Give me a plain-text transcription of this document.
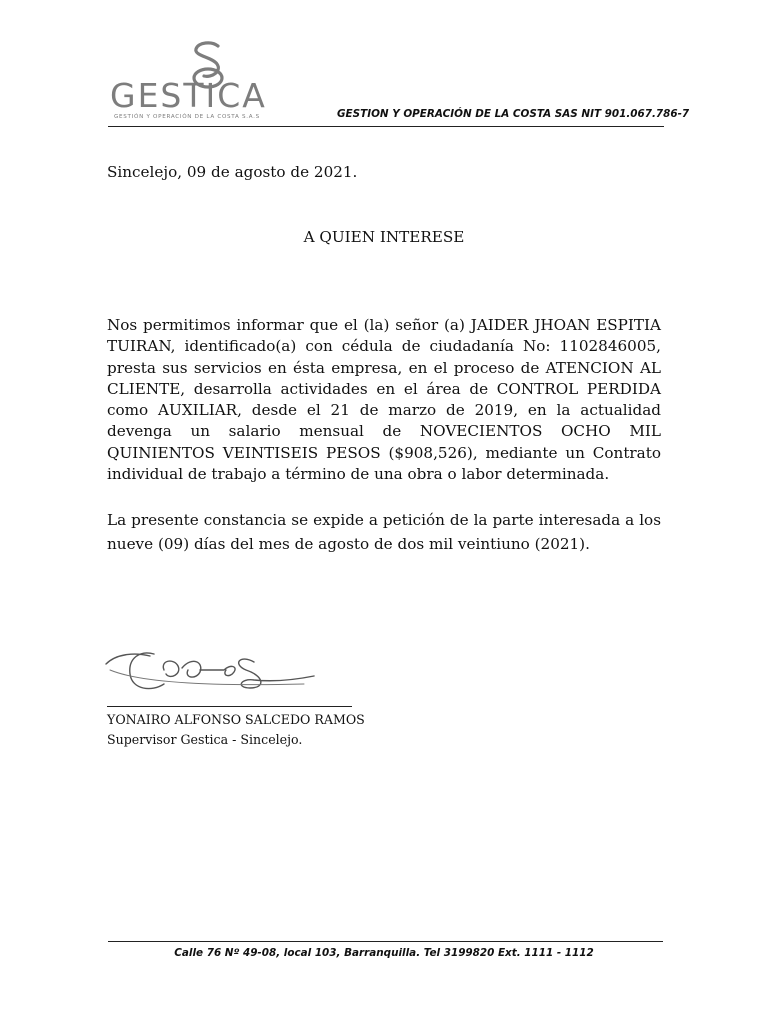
GESTICA
GESTIÓN Y OPERACIÓN DE LA COSTA S.A.S	GESTION Y OPERACIÓN DE LA COSTA SAS NIT 901.067.786-7
Sincelejo, 09 de agosto de 2021.
A QUIEN INTERESE
Nos permitimos informar que el (la) señor (a) JAIDER JHOAN ESPITIA TUIRAN, identificado(a) con cédula de ciudadanía No: 1102846005, presta sus servicios en ésta empresa, en el proceso de ATENCION AL CLIENTE, desarrolla actividades en el área de CONTROL PERDIDA como AUXILIAR, desde el 21 de marzo de 2019, en la actualidad devenga un salario mensual de NOVECIENTOS OCHO MIL QUINIENTOS VEINTISEIS PESOS ($908,526), mediante un Contrato individual de trabajo a término de una obra o labor determinada.
La presente constancia se expide a petición de la parte interesada a los nueve (09) días del mes de agosto de dos mil veintiuno (2021).
YONAIRO ALFONSO SALCEDO RAMOS
Supervisor Gestica - Sincelejo.
Calle 76 Nº 49-08, local 103, Barranquilla. Tel 3199820 Ext. 1111 - 1112
